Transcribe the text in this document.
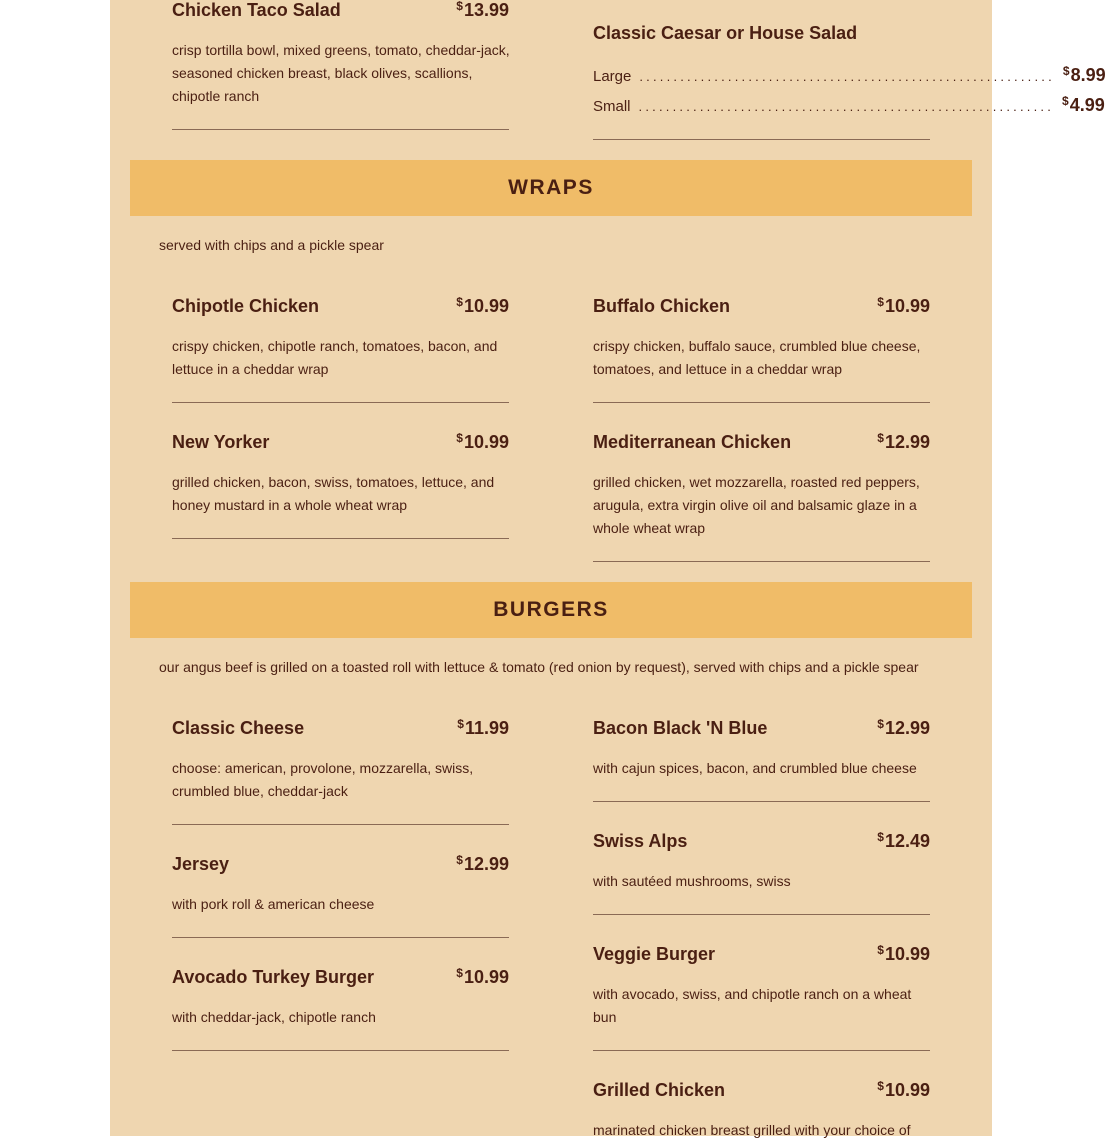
Chicken Taco Salad	$13.99
crisp tortilla bowl, mixed greens, tomato, cheddar-jack, seasoned chicken breast, black olives, scallions, chipotle ranch
Classic Caesar or House Salad
Large ............................................................. $8.99
Small ............................................................. $4.99
WRAPS
served with chips and a pickle spear
Chipotle Chicken	$10.99
crispy chicken, chipotle ranch, tomatoes, bacon, and lettuce in a cheddar wrap
Buffalo Chicken	$10.99
crispy chicken, buffalo sauce, crumbled blue cheese, tomatoes, and lettuce in a cheddar wrap
New Yorker	$10.99
grilled chicken, bacon, swiss, tomatoes, lettuce, and honey mustard in a whole wheat wrap
Mediterranean Chicken	$12.99
grilled chicken, wet mozzarella, roasted red peppers, arugula, extra virgin olive oil and balsamic glaze in a whole wheat wrap
BURGERS
our angus beef is grilled on a toasted roll with lettuce & tomato (red onion by request), served with chips and a pickle spear
Classic Cheese	$11.99
choose: american, provolone, mozzarella, swiss, crumbled blue, cheddar-jack
Bacon Black 'N Blue	$12.99
with cajun spices, bacon, and crumbled blue cheese
Jersey	$12.99
with pork roll & american cheese
Swiss Alps	$12.49
with sautéed mushrooms, swiss
Avocado Turkey Burger	$10.99
with cheddar-jack, chipotle ranch
Veggie Burger	$10.99
with avocado, swiss, and chipotle ranch on a wheat bun
Grilled Chicken	$10.99
marinated chicken breast grilled with your choice of
